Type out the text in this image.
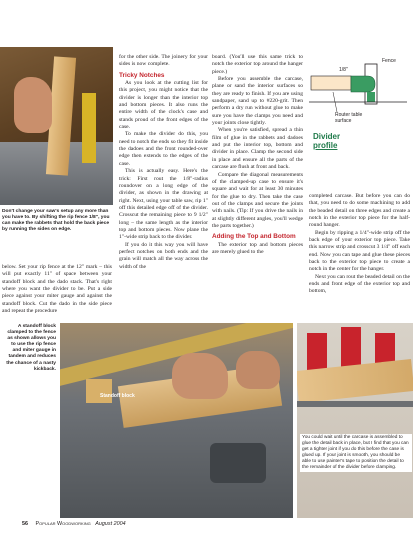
Don't change your saw's setup any more than you have to. By shifting the rip fence 1/8", you can make the rabbets that hold the back piece by running the sides on edge.

below. Set your rip fence at the 12" mark – this will put exactly 11" of space between your standoff block and the dado stack. That's right where you want the divider to be. Put a side piece against your miter gauge and against the standoff block. Cut the dado in the side piece and repeat the procedure

for the other side. The joinery for your sides is now complete.

Tricky Notches

As you look at the cutting list for this project, you might notice that the divider is longer than the interior top and bottom pieces. It also runs the entire width of the clock's case and stands proud of the front edges of the case.

To make the divider do this, you need to notch the ends so they fit inside the dadoes and the front rounded-over edge then extends to the edges of the case.

This is actually easy. Here's the trick: First rout the 1/8"-radius roundover on a long edge of the divider, as shown in the drawing at right. Next, using your table saw, rip 1" off this detailed edge off of the divider. Crosscut the remaining piece to 9 1/2" long – the same length as the interior top and bottom pieces. Now plane the 1"-wide strip back to the divider.

If you do it this way you will have perfect notches on both ends and the grain will match all the way across the width of the

board. (You'll use this same trick to notch the exterior top around the hanger piece.)

Before you assemble the carcase, plane or sand the interior surfaces so they are ready to finish. If you are using sandpaper, sand up to #220-grit. Then perform a dry run without glue to make sure you have the clamps you need and your joints close tightly.

When you're satisfied, spread a thin film of glue in the rabbets and dadoes and put the interior top, bottom and divider in place. Clamp the second side in place and ensure all the parts of the carcase are flush at front and back.

Compare the diagonal measurements of the clamped-up case to ensure it's square and wait for at least 30 minutes for the glue to dry. Then take the case out of the clamps and secure the joints with nails. (Tip: If you drive the nails in at slightly different angles, you'll wedge the parts together.)

Adding the Top and Bottom

The exterior top and bottom pieces are merely glued to the

Fence
1/8"
Router table surface
Divider
profile

completed carcase. But before you can do that, you need to do some machining to add the beaded detail on three edges and create a notch in the exterior top piece for the half-round hanger.

Begin by ripping a 1/4"-wide strip off the back edge of your exterior top piece. Take this narrow strip and crosscut 3 1/4" off each end. Now you can tape and glue these pieces back to the exterior top piece to create a notch in the center for the hanger.

Next you can rout the beaded detail on the ends and front edge of the exterior top and bottom,

A standoff block clamped to the fence as shown allows you to use the rip fence and miter gauge in tandem and reduces the chance of a nasty kickback.
Standoff block
You could wait until the carcase is assembled to glue the detail back in place, but I find that you can get a tighter joint if you do this before the case is glued up. If your joint is smooth, you should be able to use painter's tape to position the detail to the remainder of the divider before clamping.
56 Popular Woodworking August 2004
